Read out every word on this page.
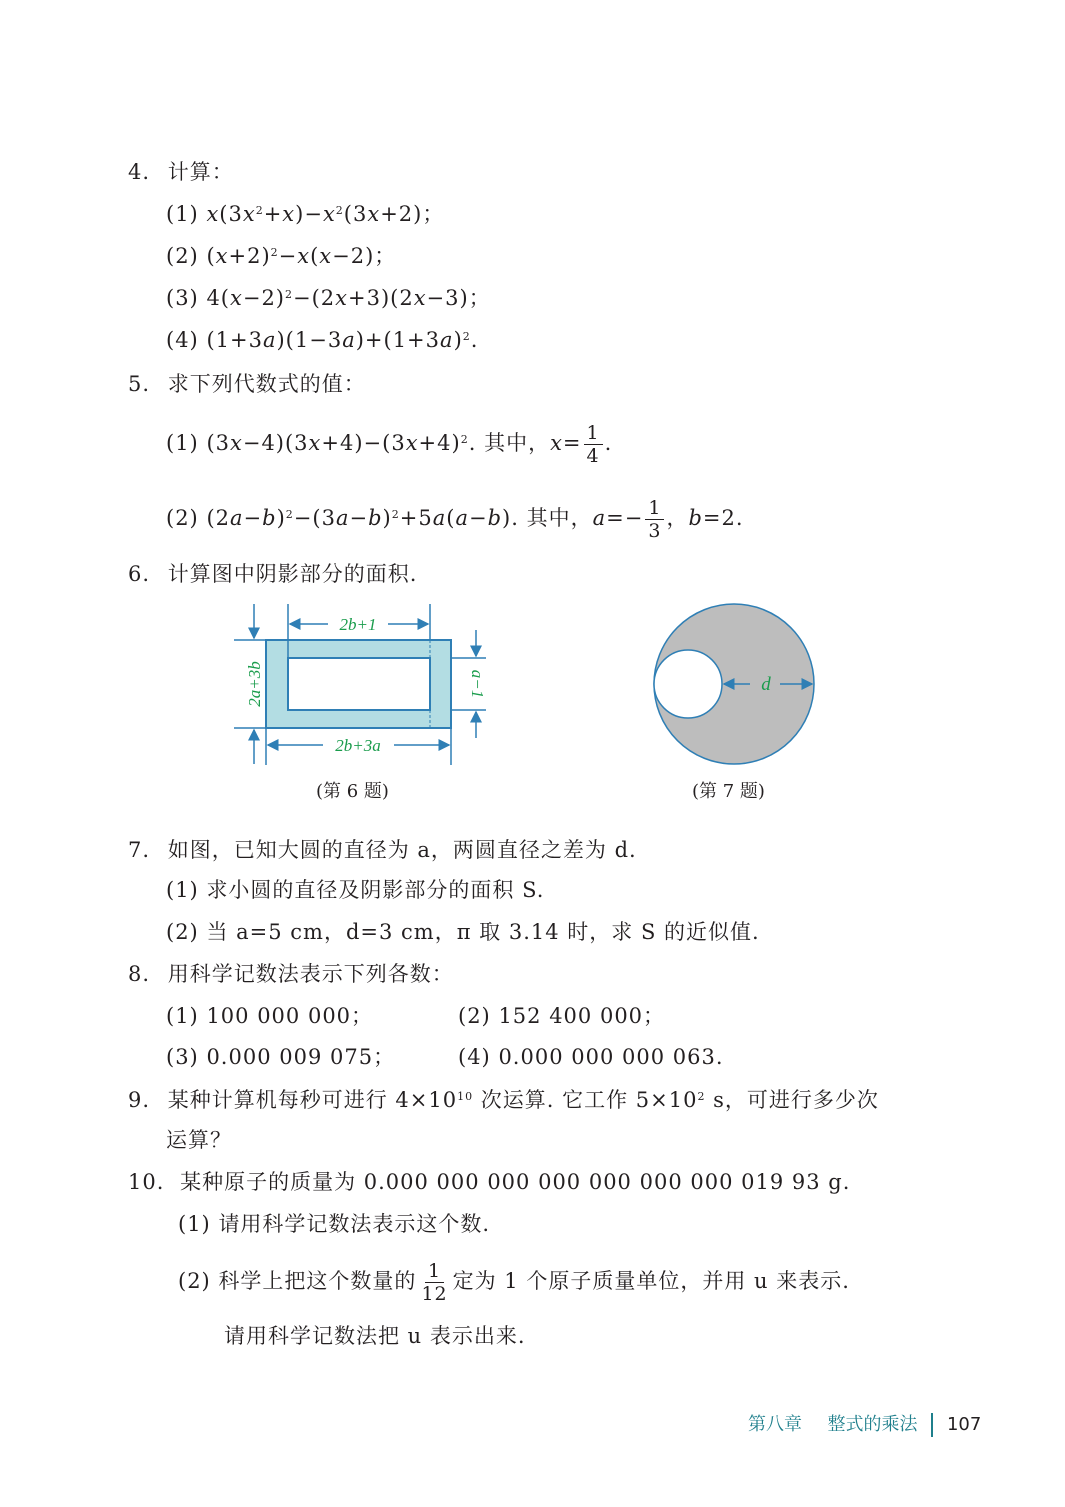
4. 计算：
(1) $x(3x^2+x)-x^2(3x+2)$；
(2) $(x+2)^2-x(x-2)$；
(3) $4(x-2)^2-(2x+3)(2x-3)$；
(4) $(1+3a)(1-3a)+(1+3a)^2$.
5. 求下列代数式的值：
(1) $(3x-4)(3x+4)-(3x+4)^2$. 其中，$x= \frac{1}{4}$ .
(2) $(2a-b)^2-(3a-b)^2+5a(a-b)$. 其中，$a=- \frac{1}{3}$ ，b=2.
6. 计算图中阴影部分的面积.
2b+1
2b+3a
2a+3b	a−1
(第 6 题)
d
(第 7 题)
7. 如图，已知大圆的直径为 a，两圆直径之差为 d.
(1) 求小圆的直径及阴影部分的面积 S.
(2) 当 a=5 cm，d=3 cm，π 取 3.14 时，求 S 的近似值.
8. 用科学记数法表示下列各数：
(1) 100 000 000；	(2) 152 400 000；
(3) 0.000 009 075；	(4) 0.000 000 000 063.
9. 某种计算机每秒可进行 $4\times 10^{10}$ 次运算. 它工作 $5\times 10^2$ s，可进行多少次
运算？
10. 某种原子的质量为 0.000 000 000 000 000 000 000 019 93 g.
(1) 请用科学记数法表示这个数.
(2) 科学上把这个数量的 $\frac{1}{12}$ 定为 1 个原子质量单位，并用 u 来表示.
请用科学记数法把 u 表示出来.
第八章 整式的乘法 107
